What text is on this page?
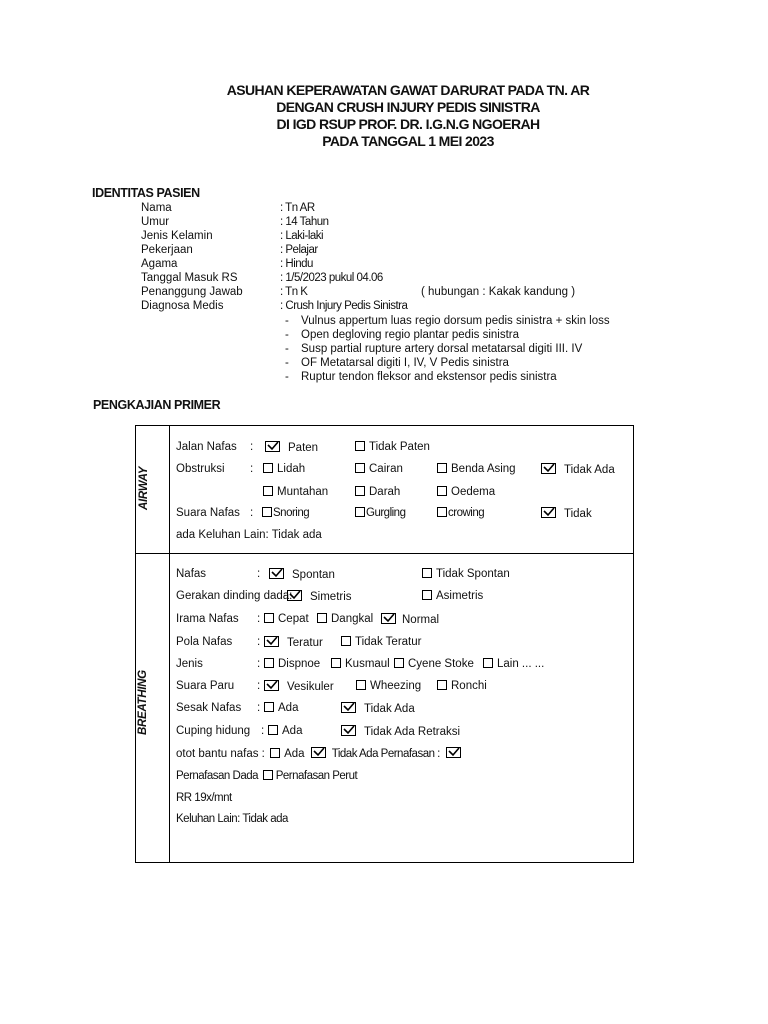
ASUHAN KEPERAWATAN GAWAT DARURAT PADA TN. AR
DENGAN CRUSH INJURY PEDIS SINISTRA
DI IGD RSUP PROF. DR. I.G.N.G NGOERAH
PADA TANGGAL 1 MEI 2023
IDENTITAS PASIEN
Nama	: Tn AR
Umur	: 14 Tahun
Jenis Kelamin	: Laki-laki
Pekerjaan	: Pelajar
Agama	: Hindu
Tanggal Masuk RS	: 1/5/2023 pukul 04.06
Penanggung Jawab	: Tn K	( hubungan : Kakak kandung )
Diagnosa Medis	: Crush Injury Pedis Sinistra
- Vulnus appertum luas regio dorsum pedis sinistra + skin loss
- Open degloving regio plantar pedis sinistra
- Susp partial rupture artery dorsal metatarsal digiti III. IV
- OF Metatarsal digiti I, IV, V Pedis sinistra
- Ruptur tendon fleksor and ekstensor pedis sinistra
PENGKAJIAN PRIMER
AIRWAY
BREATHING
Jalan Nafas :	Paten	Tidak Paten
Obstruksi :	Lidah	Cairan	Benda Asing	Tidak Ada
Muntahan	Darah	Oedema
Suara Nafas :	Snoring	Gurgling	crowing	Tidak
ada Keluhan Lain: Tidak ada
Nafas	:	Spontan	Tidak Spontan
Gerakan dinding dada:	Simetris	Asimetris
Irama Nafas :	Cepat	Dangkal	Normal
Pola Nafas :	Teratur	Tidak Teratur
Jenis	:	Dispnoe	Kusmaul	Cyene Stoke	Lain ... ...
Suara Paru :	Vesikuler	Wheezing	Ronchi
Sesak Nafas :	Ada	Tidak Ada
Cuping hidung :	Ada	Tidak Ada Retraksi
otot bantu nafas : Ada Tidak Ada Pernafasan :
Pernafasan Dada Pernafasan Perut
RR 19x/mnt
Keluhan Lain: Tidak ada
